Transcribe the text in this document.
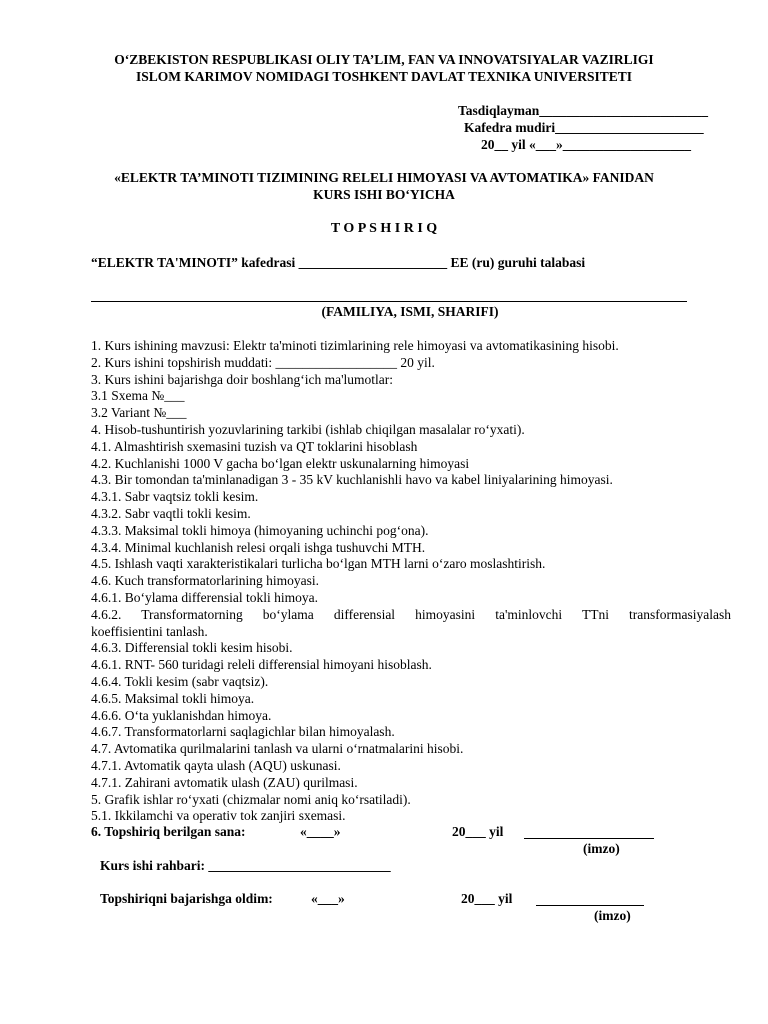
O‘ZBEKISTON RESPUBLIKASI OLIY TA’LIM, FAN VA INNOVATSIYALAR VAZIRLIGI
ISLOM KARIMOV NOMIDAGI TOSHKENT DAVLAT TEXNIKA UNIVERSITETI
Tasdiqlayman_________________________
Kafedra mudiri______________________
20__ yil «___»___________________
«ELEKTR TA’MINOTI TIZIMINING RELELI HIMOYASI VA AVTOMATIKA» FANIDAN
KURS ISHI BO‘YICHA
T O P S H I R I Q
“ELEKTR TA'MINOTI” kafedrasi ______________________ EE (ru) guruhi talabasi
(FAMILIYA, ISMI, SHARIFI)
1. Kurs ishining mavzusi: Elektr ta'minoti tizimlarining rele himoyasi va avtomatikasining hisobi.
2. Kurs ishini topshirish muddati: __________________ 20 yil.
3. Kurs ishini bajarishga doir boshlang‘ich ma'lumotlar:
3.1 Sxema №___
3.2 Variant №___
4. Hisob-tushuntirish yozuvlarining tarkibi (ishlab chiqilgan masalalar ro‘yxati).
4.1. Almashtirish sxemasini tuzish va QT toklarini hisoblash
4.2. Kuchlanishi 1000 V gacha bo‘lgan elektr uskunalarning himoyasi
4.3. Bir tomondan ta'minlanadigan 3 - 35 kV kuchlanishli havo va kabel liniyalarining himoyasi.
4.3.1. Sabr vaqtsiz tokli kesim.
4.3.2. Sabr vaqtli tokli kesim.
4.3.3. Maksimal tokli himoya (himoyaning uchinchi pog‘ona).
4.3.4. Minimal kuchlanish relesi orqali ishga tushuvchi MTH.
4.5. Ishlash vaqti xarakteristikalari turlicha bo‘lgan MTH larni o‘zaro moslashtirish.
4.6. Kuch transformatorlarining himoyasi.
4.6.1. Bo‘ylama differensial tokli himoya.
4.6.2. Transformatorning bo‘ylama differensial himoyasini ta'minlovchi TTni transformasiyalash
koeffisientini tanlash.
4.6.3. Differensial tokli kesim hisobi.
4.6.1. RNT- 560 turidagi releli differensial himoyani hisoblash.
4.6.4. Tokli kesim (sabr vaqtsiz).
4.6.5. Maksimal tokli himoya.
4.6.6. O‘ta yuklanishdan himoya.
4.6.7. Transformatorlarni saqlagichlar bilan himoyalash.
4.7. Avtomatika qurilmalarini tanlash va ularni o‘rnatmalarini hisobi.
4.7.1. Avtomatik qayta ulash (AQU) uskunasi.
4.7.1. Zahirani avtomatik ulash (ZAU) qurilmasi.
5. Grafik ishlar ro‘yxati (chizmalar nomi aniq ko‘rsatiladi).
5.1. Ikkilamchi va operativ tok zanjiri sxemasi.
6. Topshiriq berilgan sana:	«____»	20___ yil
(imzo)
Kurs ishi rahbari: ___________________________
Topshiriqni bajarishga oldim:	«___»	20___ yil
(imzo)
